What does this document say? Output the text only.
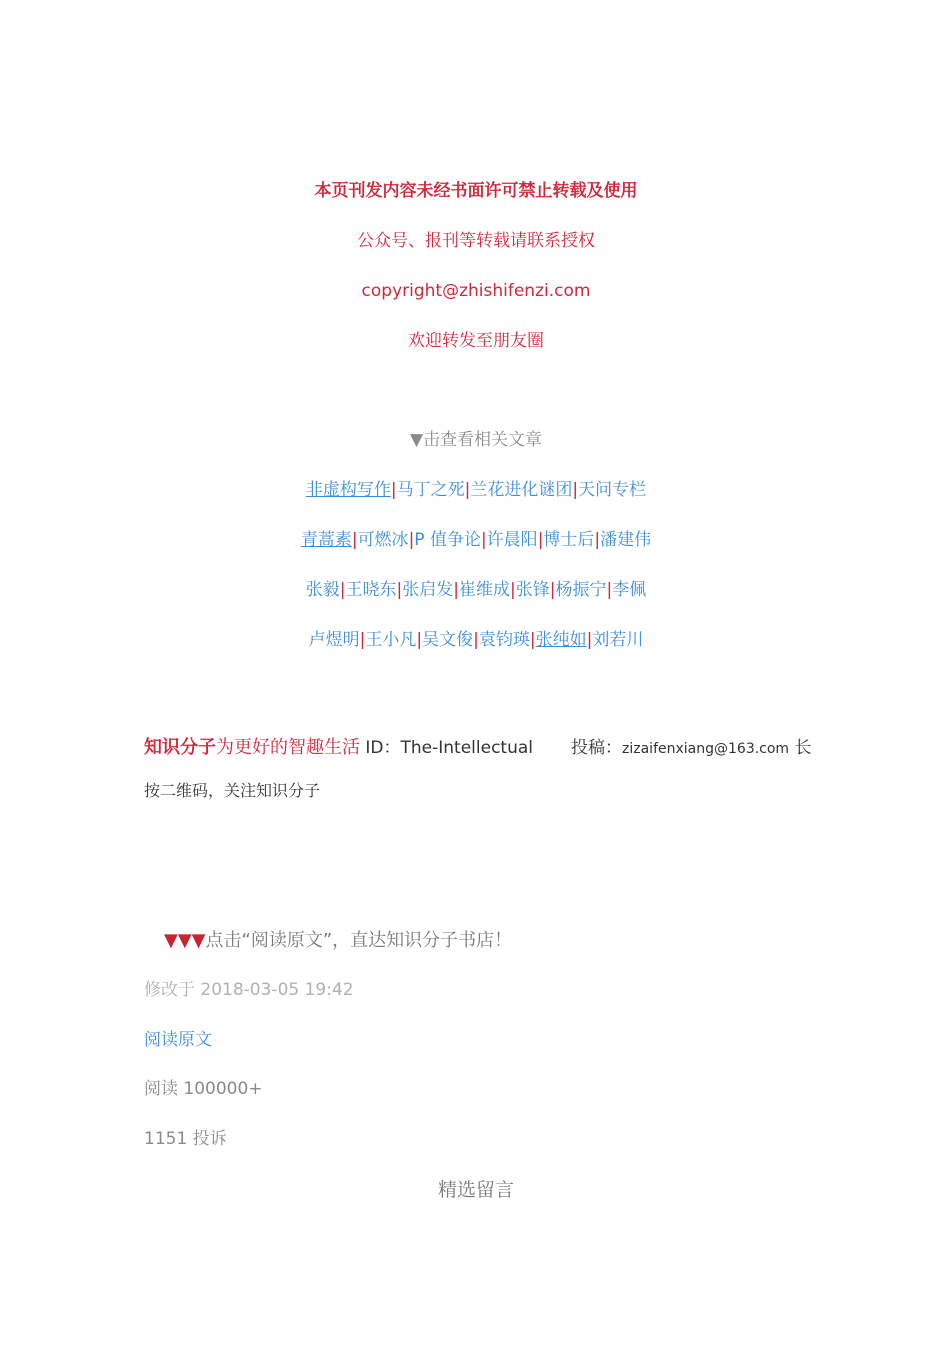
本页刊发内容未经书面许可禁止转载及使用
公众号、报刊等转载请联系授权
copyright@zhishifenzi.com
欢迎转发至朋友圈
▼击查看相关文章
非虚构写作|马丁之死|兰花进化谜团|天问专栏
青蒿素|可燃冰|P 值争论|许晨阳|博士后|潘建伟
张毅|王晓东|张启发|崔维成|张锋|杨振宁|李佩
卢煜明|王小凡|吴文俊|袁钧瑛|张纯如|刘若川
知识分子为更好的智趣生活 ID：The-Intellectual 投稿：zizaifenxiang@163.com 长
按二维码，关注知识分子
▼▼▼点击“阅读原文”，直达知识分子书店！
修改于 2018-03-05 19:42
阅读原文
阅读 100000+
1151 投诉
精选留言
